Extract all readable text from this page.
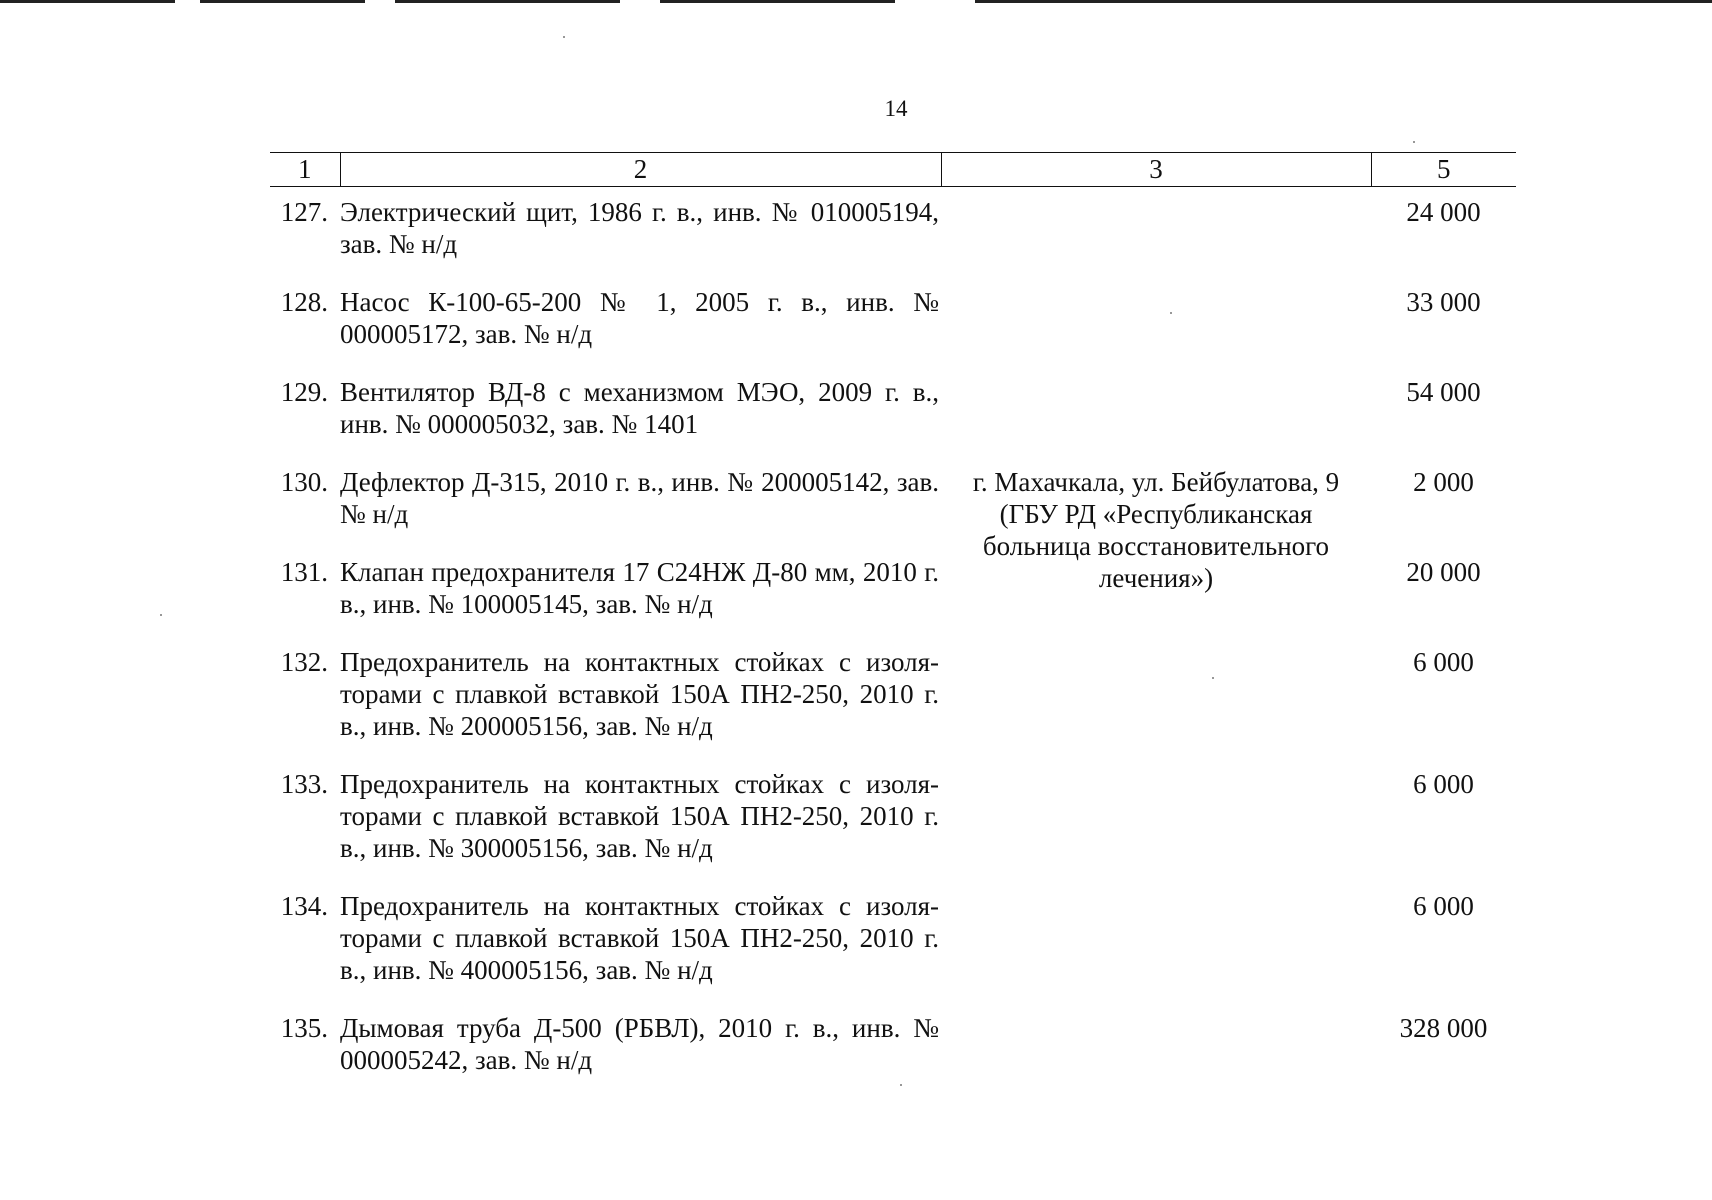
14
1	2	3	5
127.	Электрический щит, 1986 г. в., инв. № 010005194, зав. № н/д		24 000
128.	Насос К-100-65-200 № 1, 2005 г. в., инв. № 000005172, зав. № н/д		33 000
129.	Вентилятор ВД-8 с механизмом МЭО, 2009 г. в., инв. № 000005032, зав. № 1401		54 000
130.	Дефлектор Д-315, 2010 г. в., инв. № 200005142, зав. № н/д	г. Махачкала, ул. Бейбулатова, 9 (ГБУ РД «Республиканская больница восстановительного лечения»)	2 000
131.	Клапан предохранителя 17 С24НЖ Д-80 мм, 2010 г. в., инв. № 100005145, зав. № н/д		20 000
132.	Предохранитель на контактных стойках с изоля-торами с плавкой вставкой 150А ПН2-250, 2010 г. в., инв. № 200005156, зав. № н/д		6 000
133.	Предохранитель на контактных стойках с изоля-торами с плавкой вставкой 150А ПН2-250, 2010 г. в., инв. № 300005156, зав. № н/д		6 000
134.	Предохранитель на контактных стойках с изоля-торами с плавкой вставкой 150А ПН2-250, 2010 г. в., инв. № 400005156, зав. № н/д		6 000
135.	Дымовая труба Д-500 (РБВЛ), 2010 г. в., инв. № 000005242, зав. № н/д		328 000
